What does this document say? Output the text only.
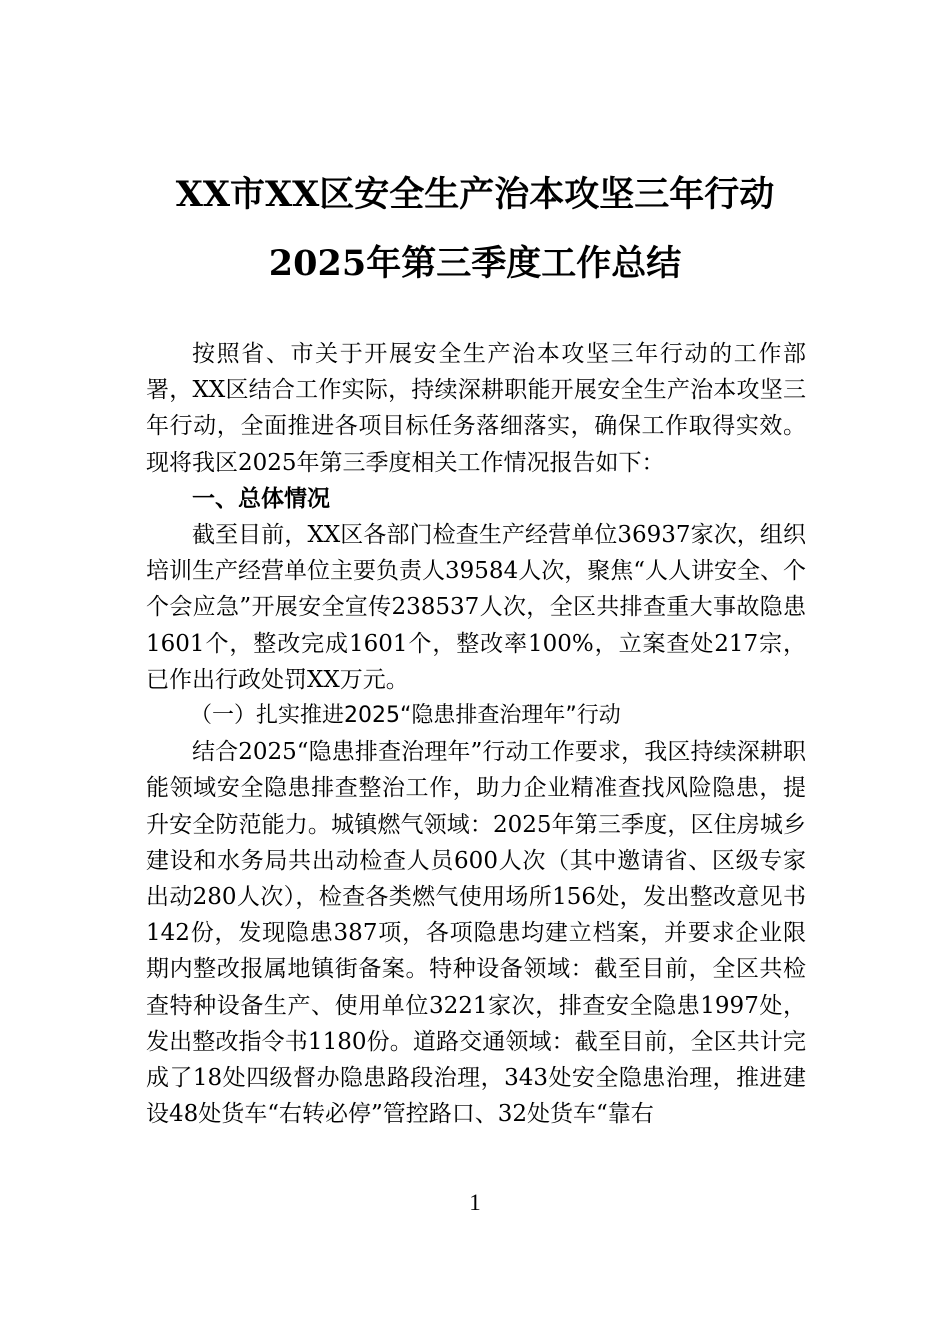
XX市XX区安全生产治本攻坚三年行动
2025年第三季度工作总结

按照省、市关于开展安全生产治本攻坚三年行动的工作部署，XX区结合工作实际，持续深耕职能开展安全生产治本攻坚三年行动，全面推进各项目标任务落细落实，确保工作取得实效。现将我区2025年第三季度相关工作情况报告如下：

一、总体情况

截至目前，XX区各部门检查生产经营单位36937家次，组织培训生产经营单位主要负责人39584人次，聚焦“人人讲安全、个个会应急”开展安全宣传238537人次，全区共排查重大事故隐患1601个，整改完成1601个，整改率100%，立案查处217宗，已作出行政处罚XX万元。

（一）扎实推进2025“隐患排查治理年”行动

结合2025“隐患排查治理年”行动工作要求，我区持续深耕职能领域安全隐患排查整治工作，助力企业精准查找风险隐患，提升安全防范能力。城镇燃气领域：2025年第三季度，区住房城乡建设和水务局共出动检查人员600人次（其中邀请省、区级专家出动280人次），检查各类燃气使用场所156处，发出整改意见书142份，发现隐患387项，各项隐患均建立档案，并要求企业限期内整改报属地镇街备案。特种设备领域：截至目前，全区共检查特种设备生产、使用单位3221家次，排查安全隐患1997处，发出整改指令书1180份。道路交通领域：截至目前，全区共计完成了18处四级督办隐患路段治理，343处安全隐患治理，推进建设48处货车“右转必停”管控路口、32处货车“靠右

1
